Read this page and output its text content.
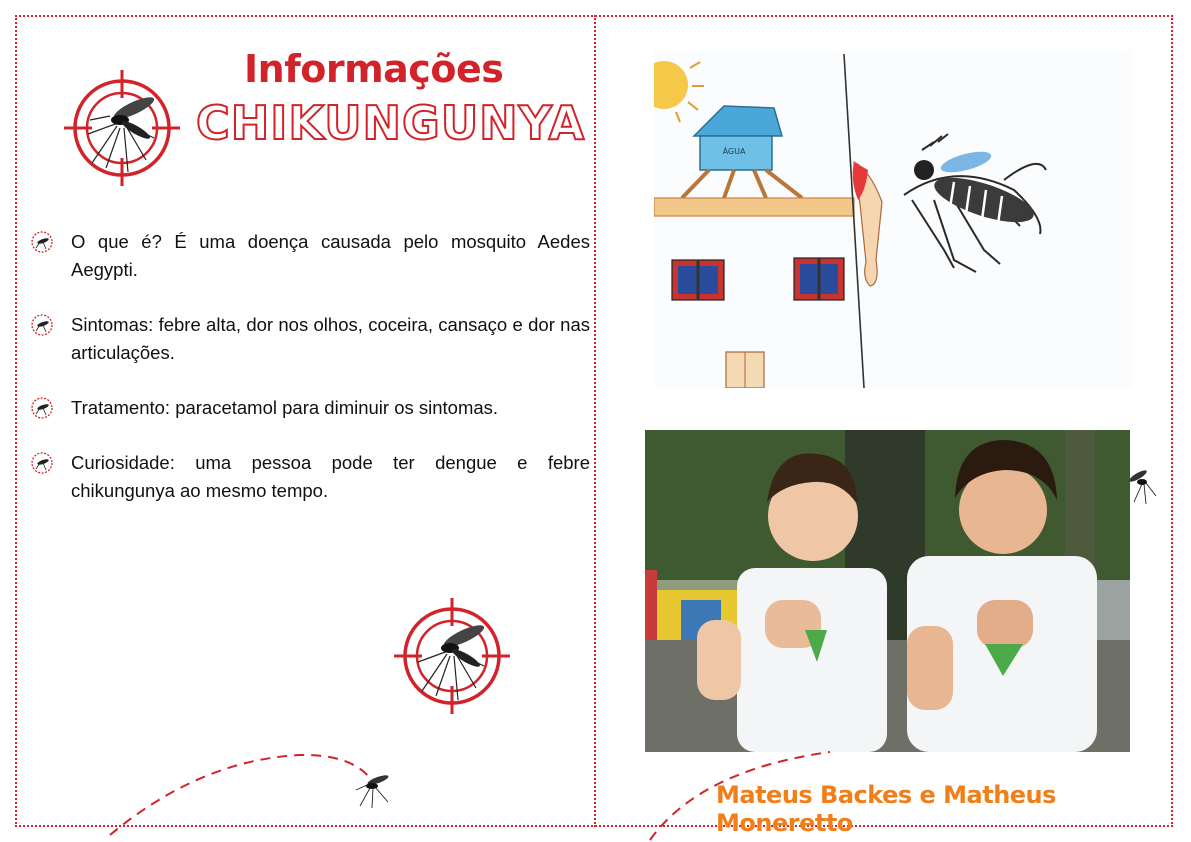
Informações
CHIKUNGUNYA
O que é? É uma doença causada pelo mosquito Aedes Aegypti.
Sintomas: febre alta, dor nos olhos, coceira, cansaço e dor nas articulações.
Tratamento: paracetamol para diminuir os sintomas.
Curiosidade: uma pessoa pode ter dengue e febre chikungunya ao mesmo tempo.
ÁGUA
Mateus Backes e Matheus Moneretto
